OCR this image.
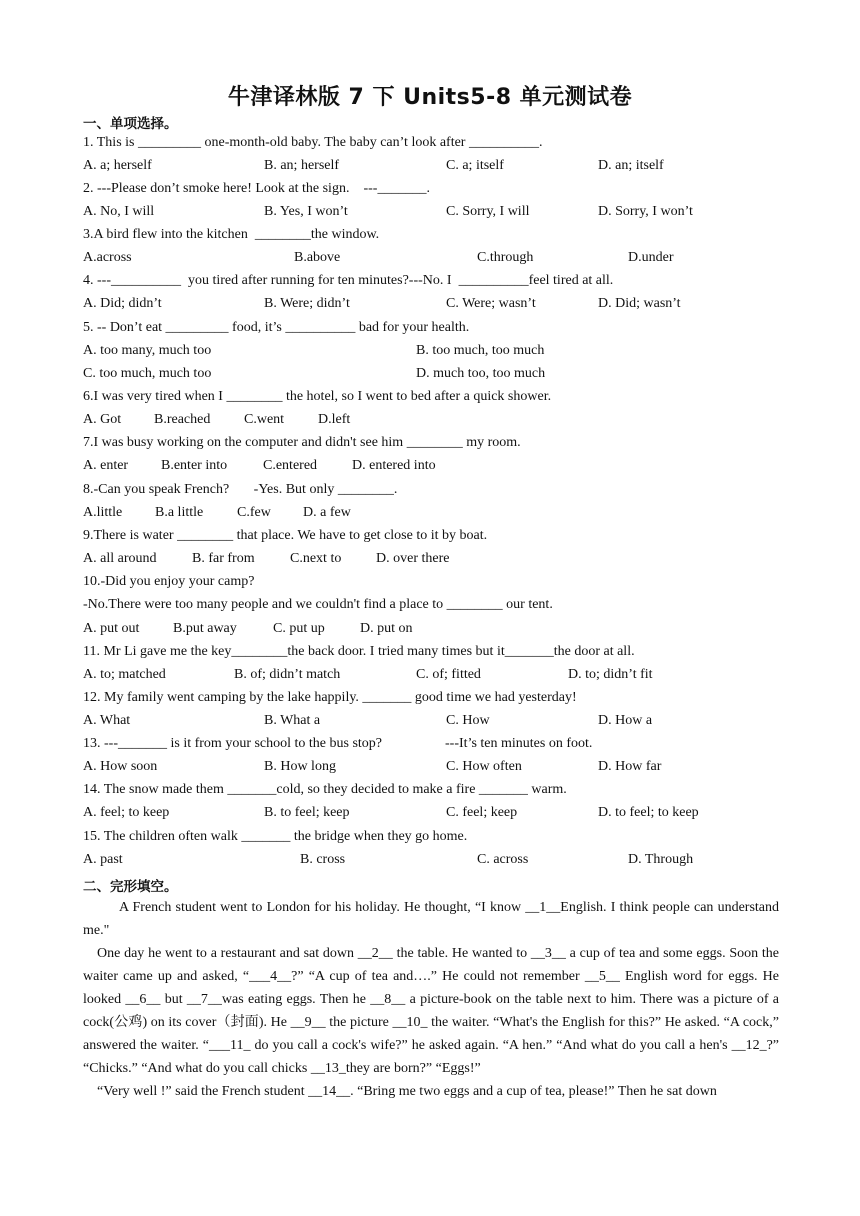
牛津译林版 7 下 Units5-8 单元测试卷
一、单项选择。
1. This is _________ one-month-old baby. The baby can’t look after __________.
A. a; herself	B. an; herself	C. a; itself	D. an; itself
2. ---Please don’t smoke here! Look at the sign.    ---_______.
A. No, I will	B. Yes, I won’t	C. Sorry, I will	D. Sorry, I won’t
3.A bird flew into the kitchen  ________the window.
A.across	B.above	C.through	D.under
4. ---__________  you tired after running for ten minutes?---No. I  __________feel tired at all.
A. Did; didn’t	B. Were; didn’t	C. Were; wasn’t	D. Did; wasn’t
5. -- Don’t eat _________ food, it’s __________ bad for your health.
A. too many, much too	B. too much, too much
C. too much, much too	D. much too, too much
6.I was very tired when I ________ the hotel, so I went to bed after a quick shower.
A. Got B.reached C.went D.left
7.I was busy working on the computer and didn't see him ________ my room.
A. enter B.enter into	C.entered D. entered into
8.-Can you speak French?       -Yes. But only ________.
A.little B.a little C.few D. a few
9.There is water ________ that place. We have to get close to it by boat.
A. all around	B. far from	C.next to D. over there
10.-Did you enjoy your camp?
-No.There were too many people and we couldn't find a place to ________ our tent.
A. put out B.put away	C. put up	D. put on
11. Mr Li gave me the key________the back door. I tried many times but it_______the door at all.
A. to; matched	B. of; didn’t match	C. of; fitted	D. to; didn’t fit
12. My family went camping by the lake happily. _______ good time we had yesterday!
A. What	B. What a	C. How	D. How a
13. ---_______ is it from your school to the bus stop?                  ---It’s ten minutes on foot.
A. How soon	B. How long	C. How often	D. How far
14. The snow made them _______cold, so they decided to make a fire _______ warm.
A. feel; to keep	B. to feel; keep	C. feel; keep	D. to feel; to keep
15. The children often walk _______ the bridge when they go home.
A. past	B. cross	C. across	D. Through
二、完形填空。

A French student went to London for his holiday. He thought, “I know __1__English. I think people can understand me."

One day he went to a restaurant and sat down __2__ the table. He wanted to __3__ a cup of tea and some eggs. Soon the waiter came up and asked, “___4__?” “A cup of tea and….” He could not remember __5__ English word for eggs. He looked __6__ but __7__was eating eggs. Then he __8__ a picture-book on the table next to him. There was a picture of a cock(公鸡) on its cover（封面). He __9__ the picture __10_ the waiter. “What's the English for this?” He asked. “A cock,” answered the waiter. “___11_ do you call a cock's wife?” he asked again. “A hen.” “And what do you call a hen's __12_?” “Chicks.” “And what do you call chicks __13_they are born?” “Eggs!”

“Very well !” said the French student __14__. “Bring me two eggs and a cup of tea, please!” Then he sat down
